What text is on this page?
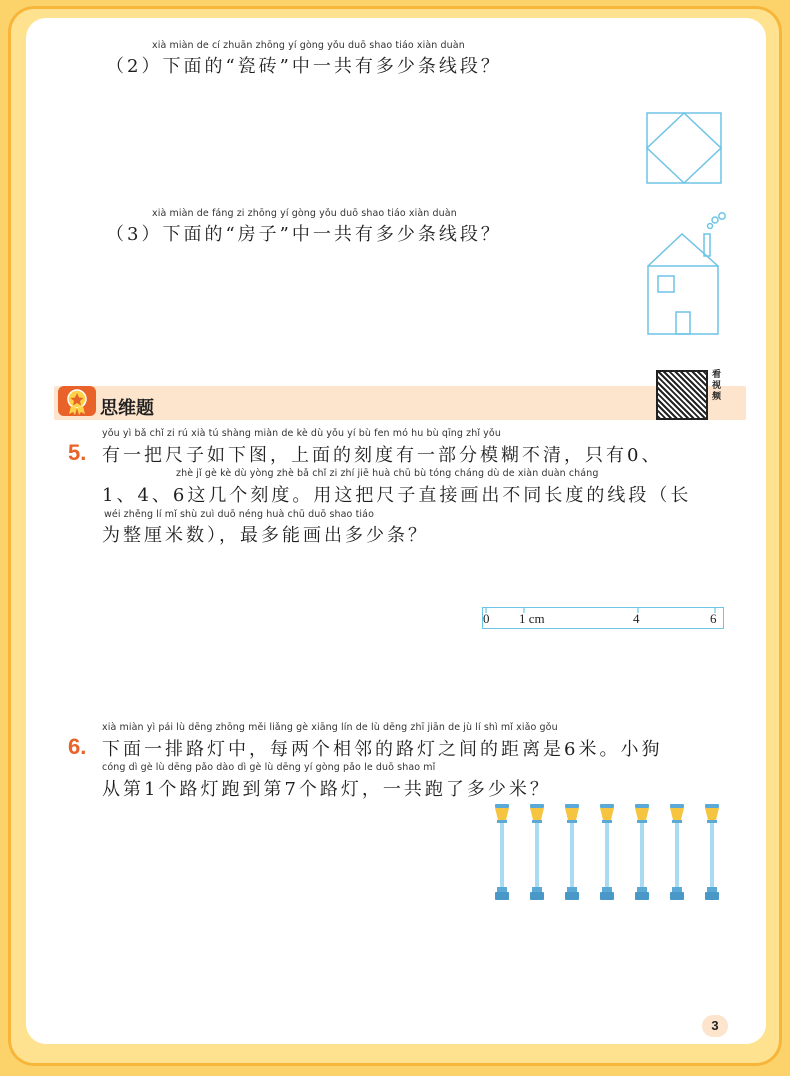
xià miàn de cí zhuān zhōng yí gòng yǒu duō shao tiáo xiàn duàn
（2）下面的“瓷砖”中一共有多少条线段？
xià miàn de fáng zi zhōng yí gòng yǒu duō shao tiáo xiàn duàn
（3）下面的“房子”中一共有多少条线段？
思维题
看视频
5.
yǒu yì bǎ chǐ zi rú xià tú shàng miàn de kè dù yǒu yí bù fen mó hu bù qīng zhǐ yǒu
有一把尺子如下图，上面的刻度有一部分模糊不清，只有0、
zhè jǐ gè kè dù yòng zhè bǎ chǐ zi zhí jiē huà chū bù tóng cháng dù de xiàn duàn cháng
1、4、6这几个刻度。用这把尺子直接画出不同长度的线段（长
wéi zhěng lí mǐ shù zuì duō néng huà chū duō shao tiáo
为整厘米数），最多能画出多少条？
0 1 cm	4	6
6.
xià miàn yì pái lù dēng zhōng měi liǎng gè xiāng lín de lù dēng zhī jiān de jù lí shì mǐ xiǎo gǒu
下面一排路灯中，每两个相邻的路灯之间的距离是6米。小狗
cóng dì gè lù dēng pǎo dào dì gè lù dēng yí gòng pǎo le duō shao mǐ
从第1个路灯跑到第7个路灯，一共跑了多少米？
3
